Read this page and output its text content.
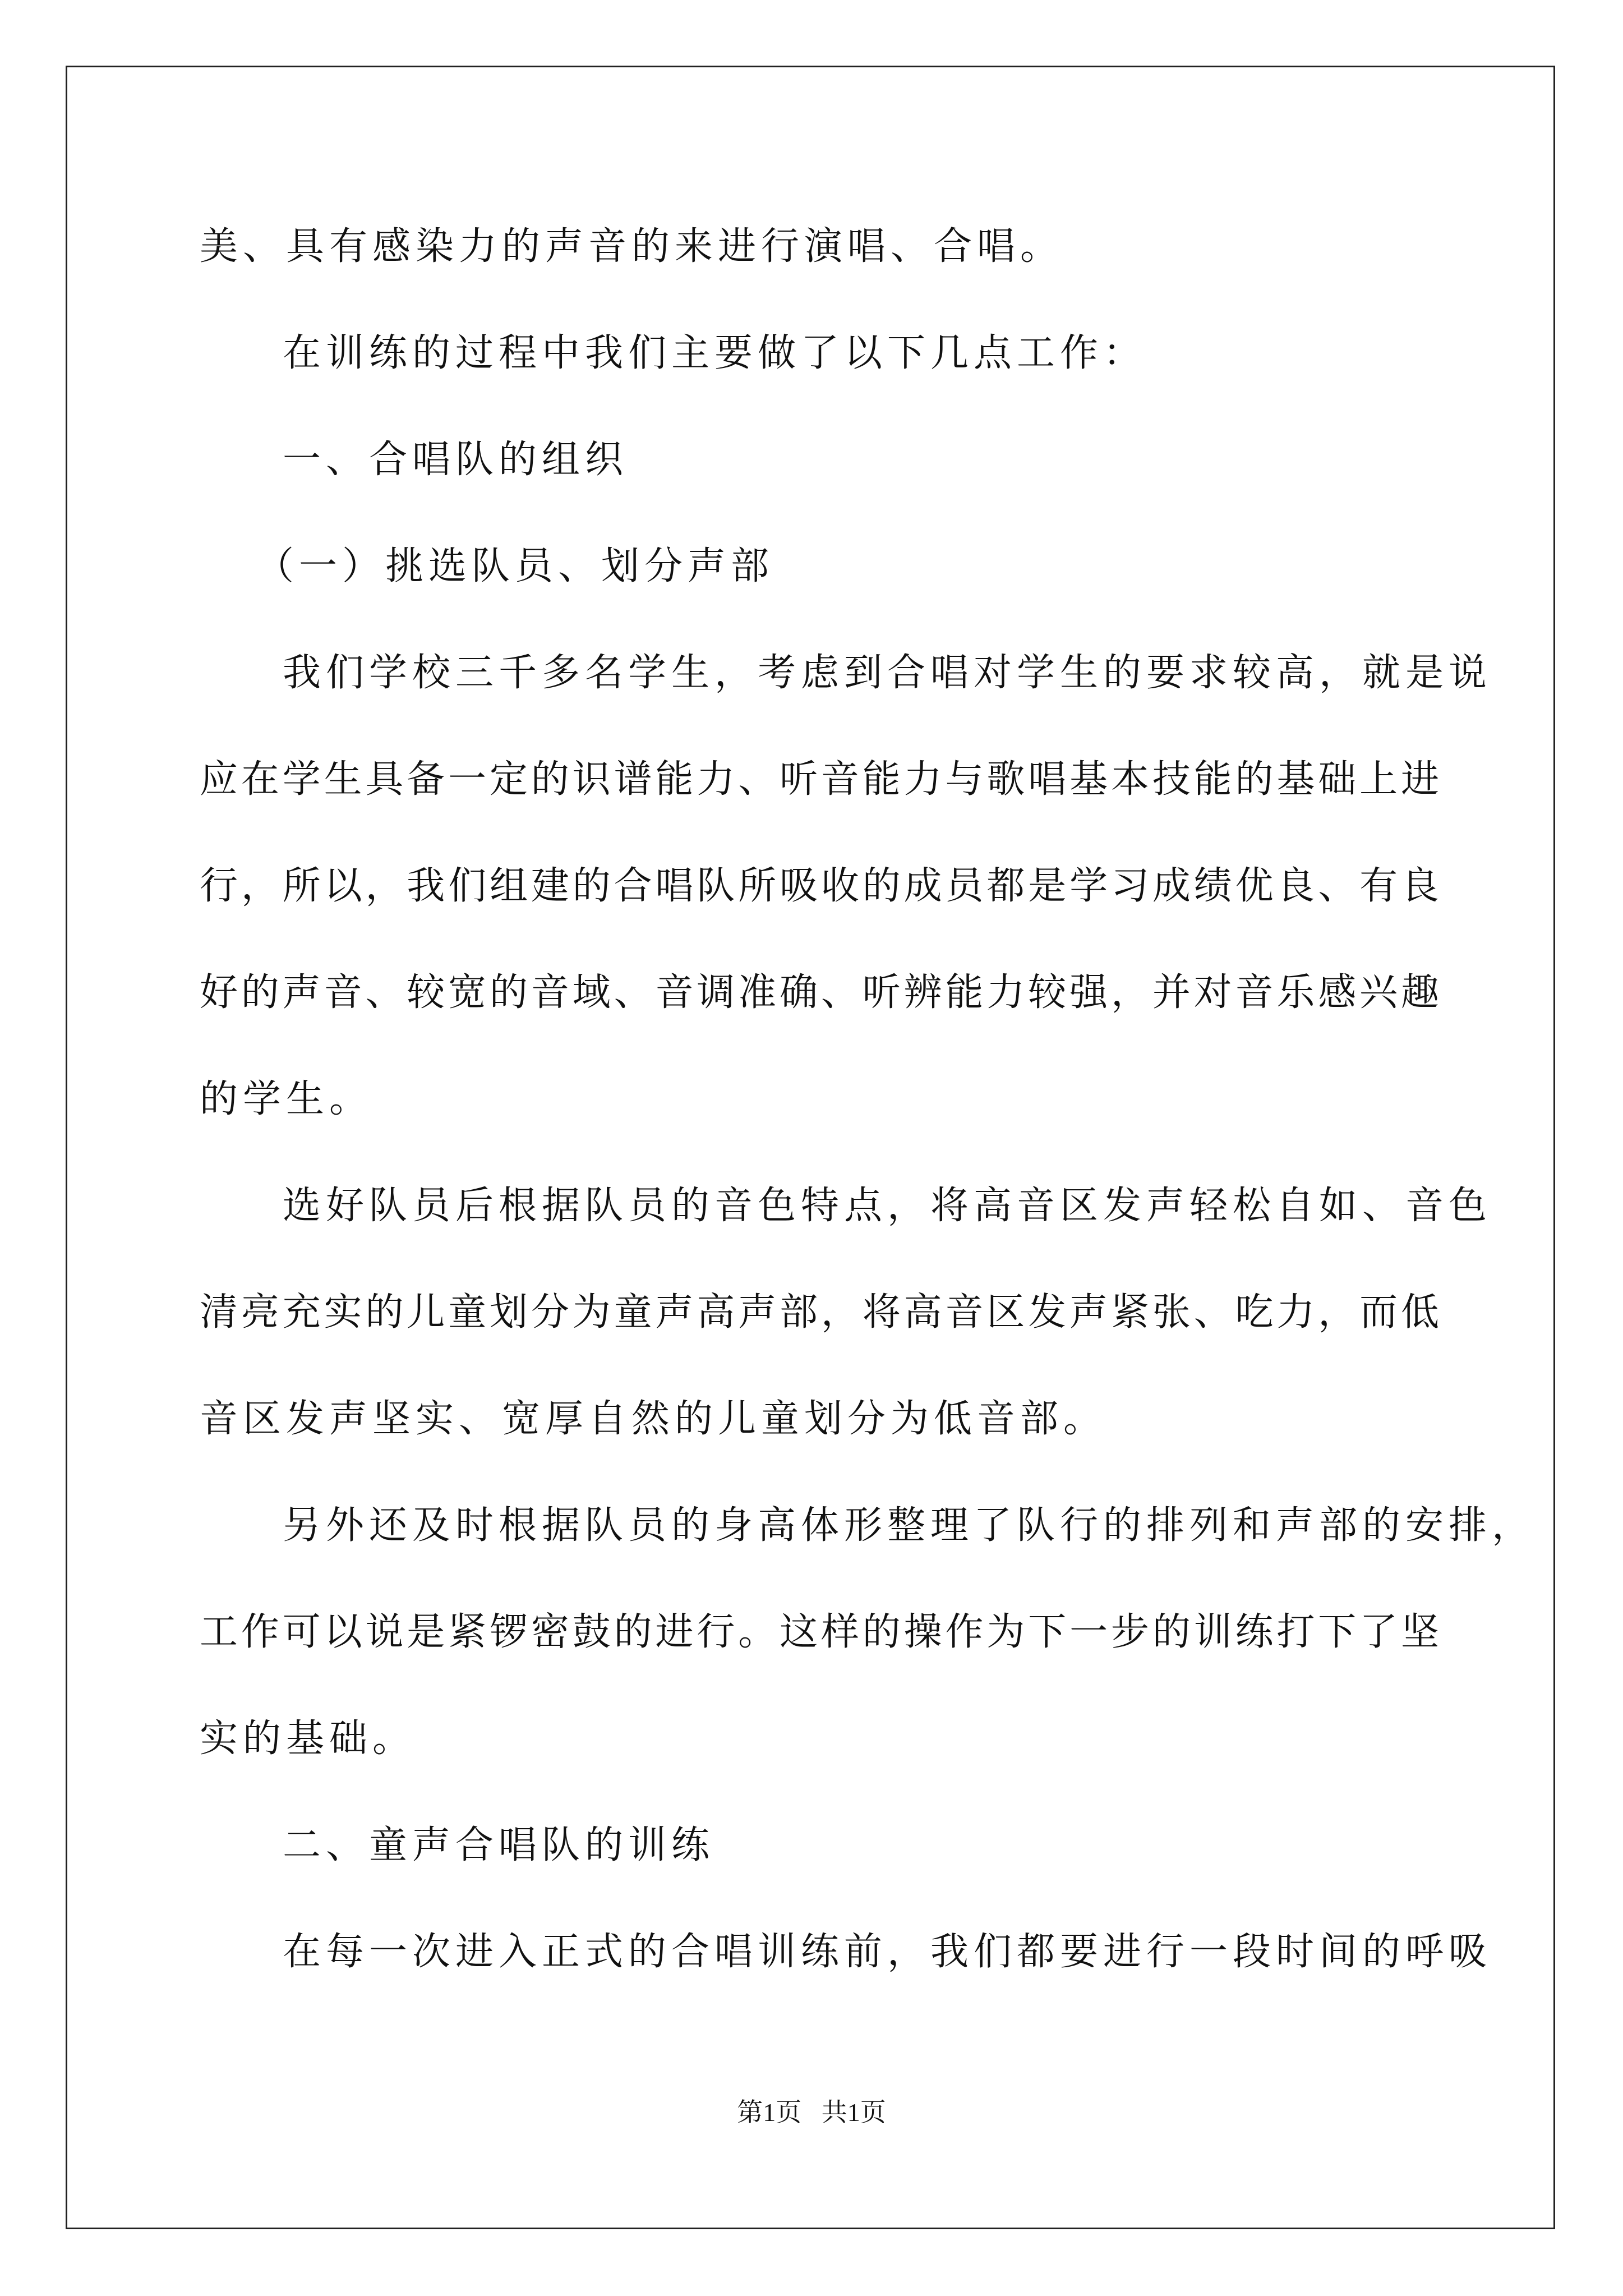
美、具有感染力的声音的来进行演唱、合唱。
在训练的过程中我们主要做了以下几点工作：
一、合唱队的组织
（一）挑选队员、划分声部
我们学校三千多名学生，考虑到合唱对学生的要求较高，就是说
应在学生具备一定的识谱能力、听音能力与歌唱基本技能的基础上进
行，所以，我们组建的合唱队所吸收的成员都是学习成绩优良、有良
好的声音、较宽的音域、音调准确、听辨能力较强，并对音乐感兴趣
的学生。
选好队员后根据队员的音色特点，将高音区发声轻松自如、音色
清亮充实的儿童划分为童声高声部，将高音区发声紧张、吃力，而低
音区发声坚实、宽厚自然的儿童划分为低音部。
另外还及时根据队员的身高体形整理了队行的排列和声部的安排，
工作可以说是紧锣密鼓的进行。这样的操作为下一步的训练打下了坚
实的基础。
二、童声合唱队的训练
在每一次进入正式的合唱训练前，我们都要进行一段时间的呼吸
第1页 共1页
